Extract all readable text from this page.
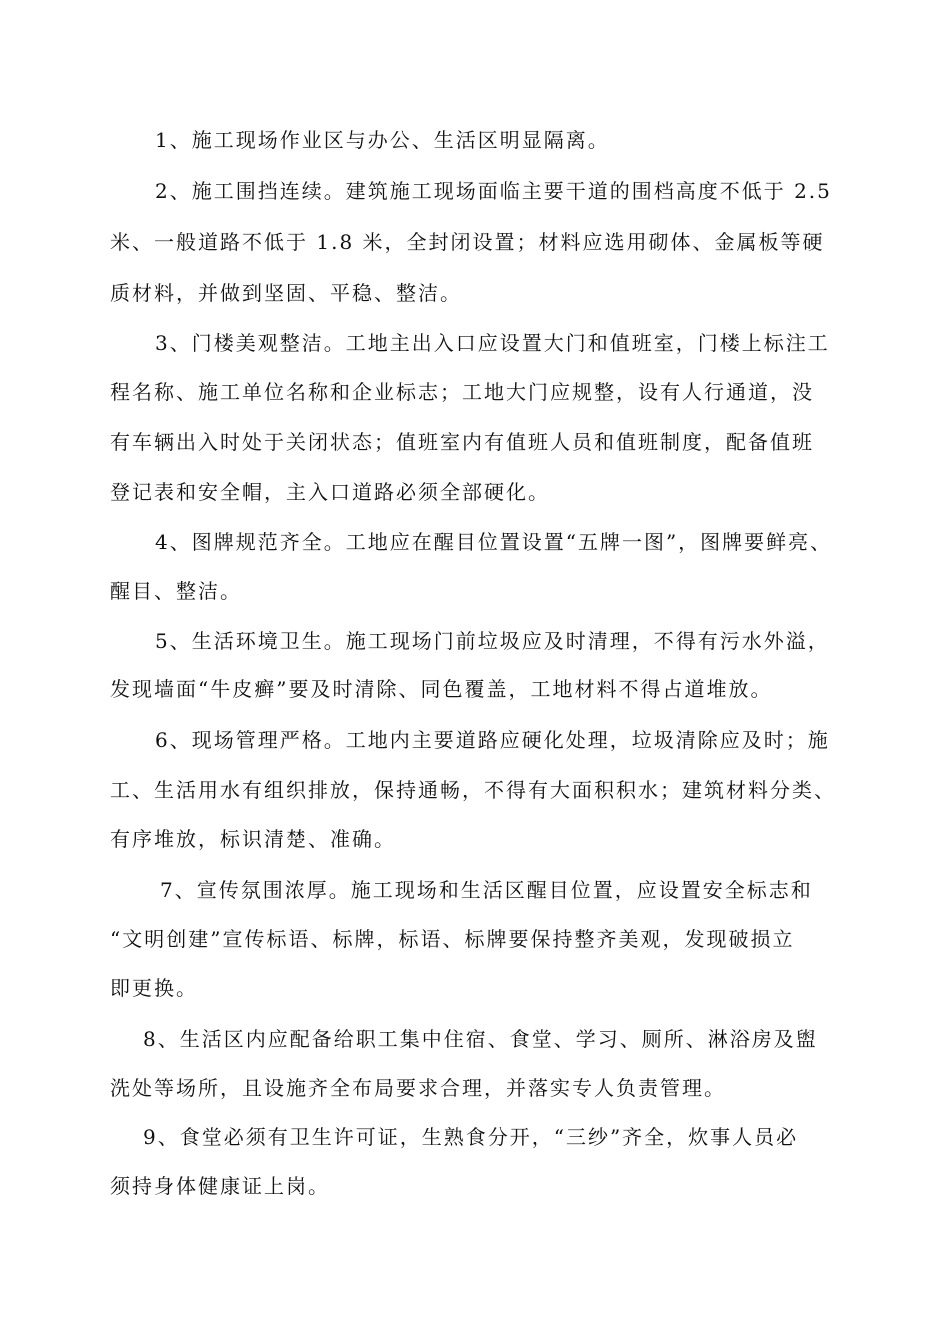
1、施工现场作业区与办公、生活区明显隔离。
2、施工围挡连续。建筑施工现场面临主要干道的围档高度不低于 2.5
米、一般道路不低于 1.8 米，全封闭设置；材料应选用砌体、金属板等硬
质材料，并做到坚固、平稳、整洁。
3、门楼美观整洁。工地主出入口应设置大门和值班室，门楼上标注工
程名称、施工单位名称和企业标志；工地大门应规整，设有人行通道，没
有车辆出入时处于关闭状态；值班室内有值班人员和值班制度，配备值班
登记表和安全帽，主入口道路必须全部硬化。
4、图牌规范齐全。工地应在醒目位置设置“五牌一图”，图牌要鲜亮、
醒目、整洁。
5、生活环境卫生。施工现场门前垃圾应及时清理，不得有污水外溢，
发现墙面“牛皮癣”要及时清除、同色覆盖，工地材料不得占道堆放。
6、现场管理严格。工地内主要道路应硬化处理，垃圾清除应及时；施
工、生活用水有组织排放，保持通畅，不得有大面积积水；建筑材料分类、
有序堆放，标识清楚、准确。
7、宣传氛围浓厚。施工现场和生活区醒目位置，应设置安全标志和
“文明创建”宣传标语、标牌，标语、标牌要保持整齐美观，发现破损立
即更换。
8、生活区内应配备给职工集中住宿、食堂、学习、厕所、淋浴房及盥
洗处等场所，且设施齐全布局要求合理，并落实专人负责管理。
9、食堂必须有卫生许可证，生熟食分开，“三纱”齐全，炊事人员必
须持身体健康证上岗。
